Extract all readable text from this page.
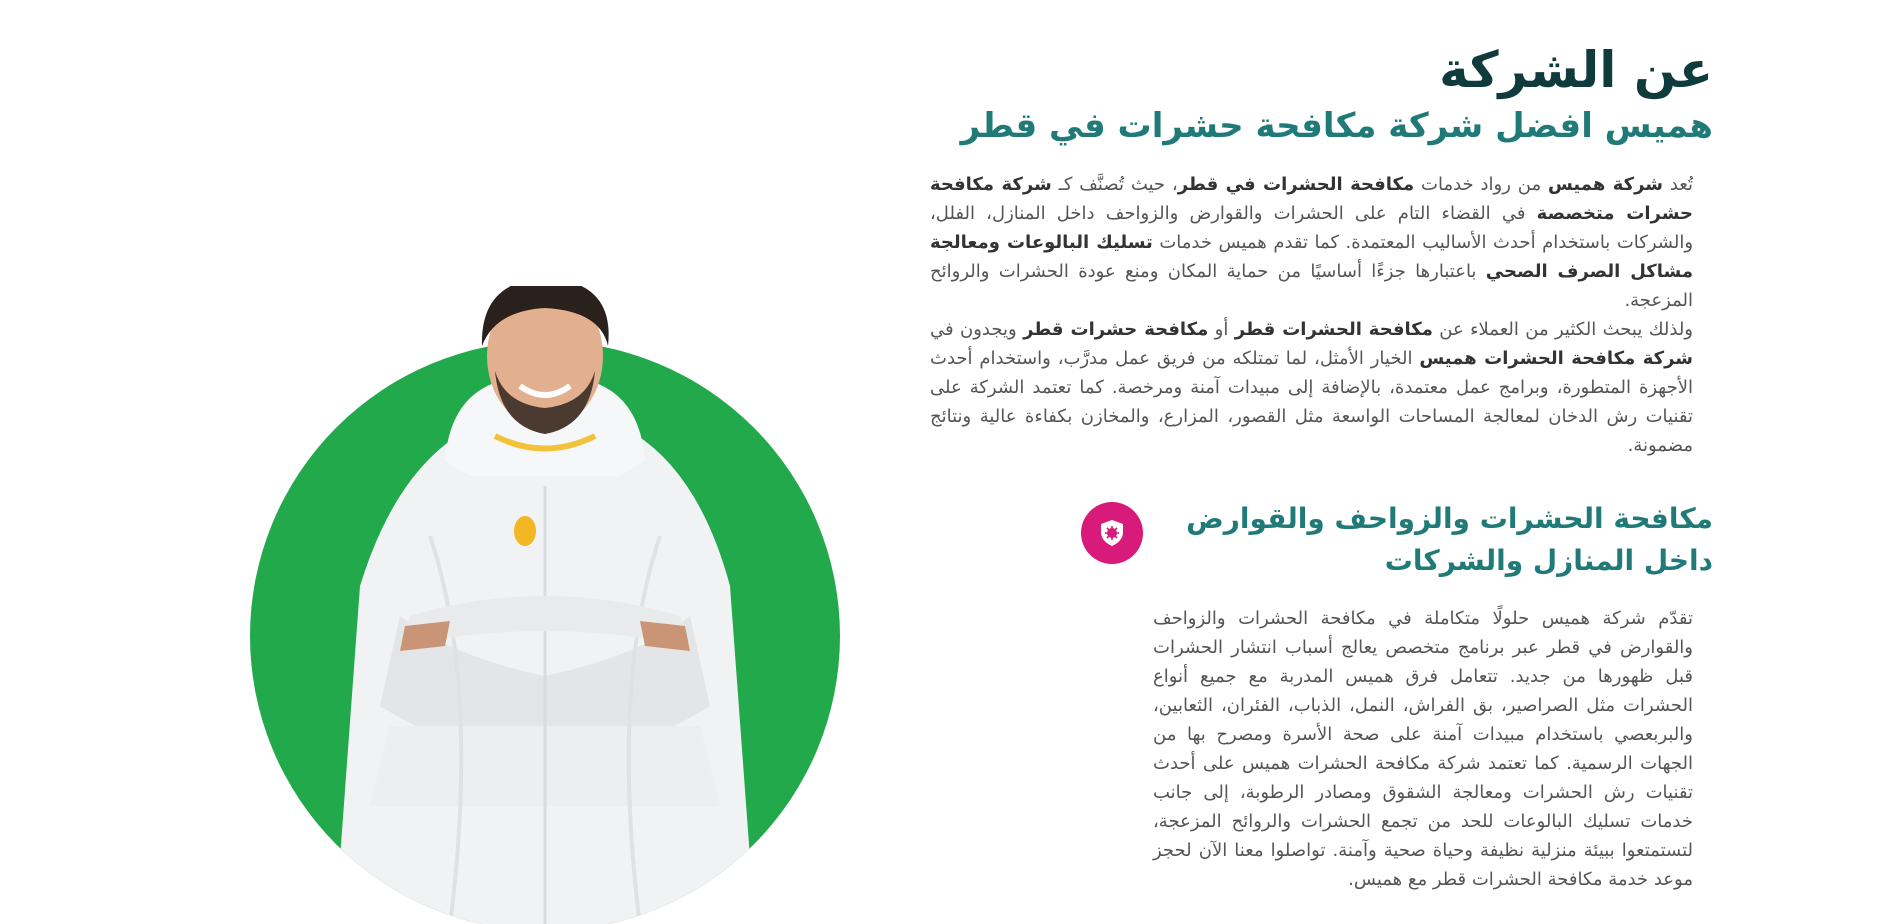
عن الشركة
هميس افضل شركة مكافحة حشرات في قطر

تُعد شركة هميس من رواد خدمات مكافحة الحشرات في قطر، حيث تُصنَّف كـ شركة مكافحة حشرات متخصصة في القضاء التام على الحشرات والقوارض والزواحف داخل المنازل، الفلل، والشركات باستخدام أحدث الأساليب المعتمدة. كما تقدم هميس خدمات تسليك البالوعات ومعالجة مشاكل الصرف الصحي باعتبارها جزءًا أساسيًا من حماية المكان ومنع عودة الحشرات والروائح المزعجة.

ولذلك يبحث الكثير من العملاء عن مكافحة الحشرات قطر أو مكافحة حشرات قطر ويجدون في شركة مكافحة الحشرات هميس الخيار الأمثل، لما تمتلكه من فريق عمل مدرَّب، واستخدام أحدث الأجهزة المتطورة، وبرامج عمل معتمدة، بالإضافة إلى مبيدات آمنة ومرخصة. كما تعتمد الشركة على تقنيات رش الدخان لمعالجة المساحات الواسعة مثل القصور، المزارع، والمخازن بكفاءة عالية ونتائج مضمونة.

مكافحة الحشرات والزواحف والقوارض داخل المنازل والشركات

تقدّم شركة هميس حلولًا متكاملة في مكافحة الحشرات والزواحف والقوارض في قطر عبر برنامج متخصص يعالج أسباب انتشار الحشرات قبل ظهورها من جديد. تتعامل فرق هميس المدربة مع جميع أنواع الحشرات مثل الصراصير، بق الفراش، النمل، الذباب، الفئران، الثعابين، والبربعصي باستخدام مبيدات آمنة على صحة الأسرة ومصرح بها من الجهات الرسمية. كما تعتمد شركة مكافحة الحشرات هميس على أحدث تقنيات رش الحشرات ومعالجة الشقوق ومصادر الرطوبة، إلى جانب خدمات تسليك البالوعات للحد من تجمع الحشرات والروائح المزعجة، لتستمتعوا ببيئة منزلية نظيفة وحياة صحية وآمنة. تواصلوا معنا الآن لحجز موعد خدمة مكافحة الحشرات قطر مع هميس.
